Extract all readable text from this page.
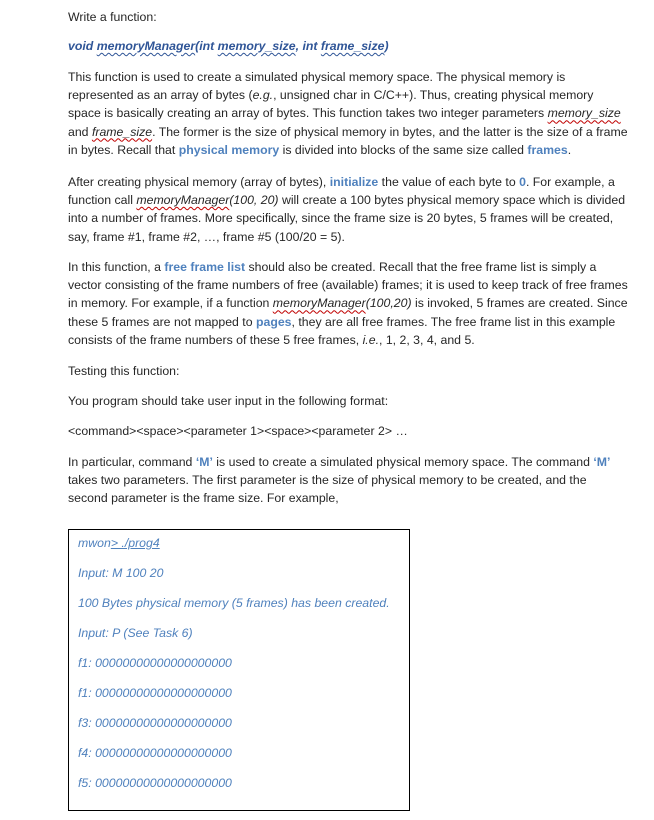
Write a function:

void memoryManager(int memory_size, int frame_size)

This function is used to create a simulated physical memory space. The physical memory is represented as an array of bytes (e.g., unsigned char in C/C++). Thus, creating physical memory space is basically creating an array of bytes. This function takes two integer parameters memory_size and frame_size. The former is the size of physical memory in bytes, and the latter is the size of a frame in bytes. Recall that physical memory is divided into blocks of the same size called frames.

After creating physical memory (array of bytes), initialize the value of each byte to 0. For example, a function call memoryManager(100, 20) will create a 100 bytes physical memory space which is divided into a number of frames. More specifically, since the frame size is 20 bytes, 5 frames will be created, say, frame #1, frame #2, …, frame #5 (100/20 = 5).

In this function, a free frame list should also be created. Recall that the free frame list is simply a vector consisting of the frame numbers of free (available) frames; it is used to keep track of free frames in memory. For example, if a function memoryManager(100,20) is invoked, 5 frames are created. Since these 5 frames are not mapped to pages, they are all free frames. The free frame list in this example consists of the frame numbers of these 5 free frames, i.e., 1, 2, 3, 4, and 5.

Testing this function:

You program should take user input in the following format:

<command><space><parameter 1><space><parameter 2> …

In particular, command ‘M’ is used to create a simulated physical memory space. The command ‘M’ takes two parameters. The first parameter is the size of physical memory to be created, and the second parameter is the frame size. For example,

mwon> ./prog4
Input: M 100 20
100 Bytes physical memory (5 frames) has been created.
Input: P (See Task 6)
f1: 00000000000000000000
f1: 00000000000000000000
f3: 00000000000000000000
f4: 00000000000000000000
f5: 00000000000000000000
